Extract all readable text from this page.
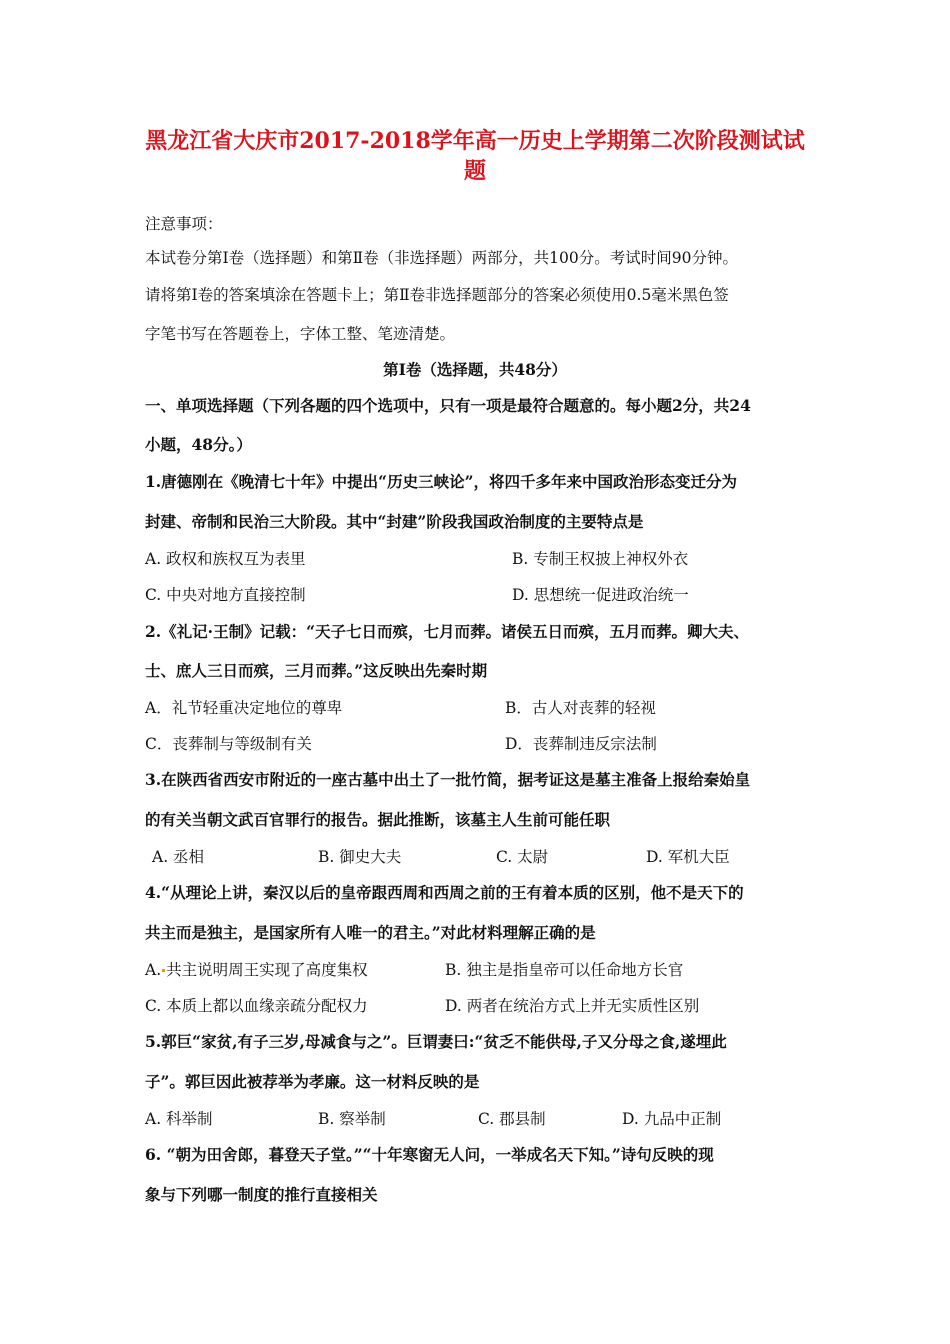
黑龙江省大庆市2017-2018学年高一历史上学期第二次阶段测试试

题

注意事项：

本试卷分第Ⅰ卷（选择题）和第Ⅱ卷（非选择题）两部分，共100分。考试时间90分钟。

请将第Ⅰ卷的答案填涂在答题卡上；第Ⅱ卷非选择题部分的答案必须使用0.5毫米黑色签

字笔书写在答题卷上，字体工整、笔迹清楚。

第Ⅰ卷（选择题，共48分）

一、单项选择题（下列各题的四个选项中，只有一项是最符合题意的。每小题2分，共24

小题，48分。）

1.唐德刚在《晚清七十年》中提出“历史三峡论”，将四千多年来中国政治形态变迁分为

封建、帝制和民治三大阶段。其中“封建”阶段我国政治制度的主要特点是

A. 政权和族权互为表里	B. 专制王权披上神权外衣

C. 中央对地方直接控制	D. 思想统一促进政治统一

2.《礼记·王制》记载：“天子七日而殡，七月而葬。诸侯五日而殡，五月而葬。卿大夫、

士、庶人三日而殡，三月而葬。”这反映出先秦时期

A．礼节轻重决定地位的尊卑	B．古人对丧葬的轻视

C．丧葬制与等级制有关	D．丧葬制违反宗法制

3.在陕西省西安市附近的一座古墓中出土了一批竹简，据考证这是墓主准备上报给秦始皇

的有关当朝文武百官罪行的报告。据此推断，该墓主人生前可能任职

A. 丞相	B. 御史大夫	C. 太尉	D. 军机大臣

4.“从理论上讲，秦汉以后的皇帝跟西周和西周之前的王有着本质的区别，他不是天下的

共主而是独主，是国家所有人唯一的君主。”对此材料理解正确的是

A. 共主说明周王实现了高度集权	B. 独主是指皇帝可以任命地方长官

C. 本质上都以血缘亲疏分配权力	D. 两者在统治方式上并无实质性区别

5.郭巨“家贫,有子三岁,母减食与之”。巨谓妻曰:“贫乏不能供母,子又分母之食,遂埋此

子”。郭巨因此被荐举为孝廉。这一材料反映的是

A. 科举制	B. 察举制	C. 郡县制	D. 九品中正制

6. “朝为田舍郎，暮登天子堂。”“十年寒窗无人问，一举成名天下知。”诗句反映的现

象与下列哪一制度的推行直接相关
